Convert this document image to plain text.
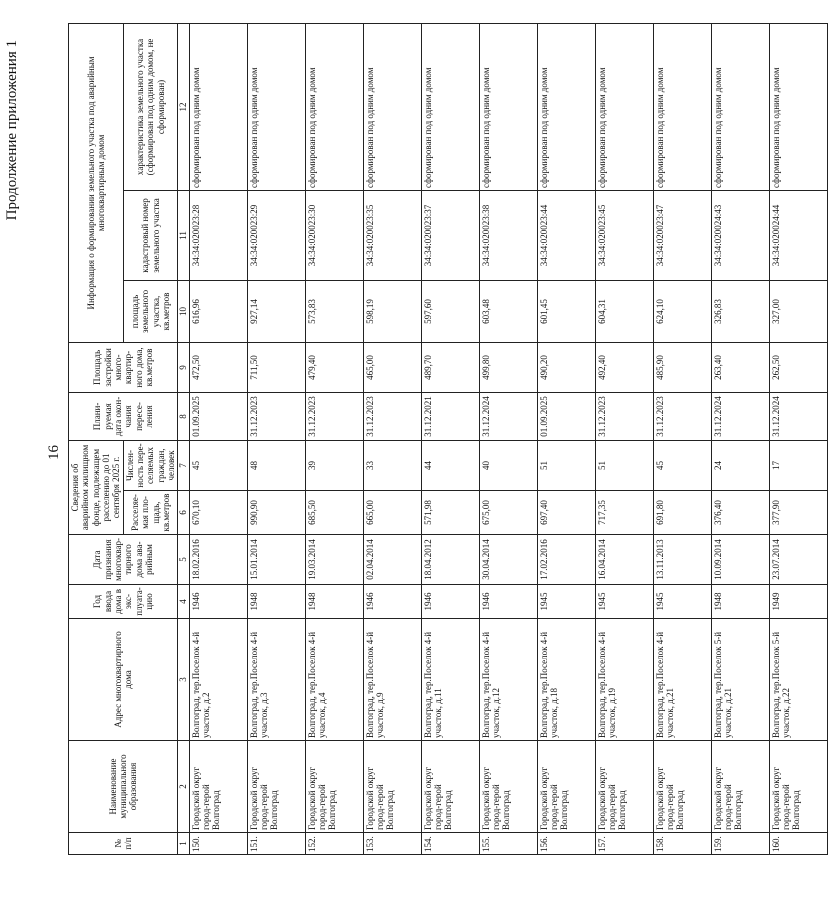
16
Продолжение приложения 1
№ п/п	Наименование муниципального образования	Адрес многоквартирного дома	Год ввода дома в экс-плуата-цию	Дата признания многоквар-тирного дома ава-рийным	Сведения об аварийном жилищном фонде, подлежащем расселению до 01 сентября 2025 г.		Плани-руемая дата окон-чания пересе-ления	Площадь застройки много-квартир-ного дома, кв.метров	Информация о формировании земельного участка под аварийным многоквартирным домом		
					Расселяе-мая пло-щадь, кв.метров	Числен-ность пере-селяемых граждан, человек			площадь земельного участка, кв.метров	кадастровый номер земельного участка	характеристика земельного участка (сформирован под одним домом, не сформирован)
1	2	3	4	5	6	7	8	9	10	11	12
150.	Городской округ город-герой Волгоград	Волгоград, тер.Поселок 4-й участок, д.2	1946	18.02.2016	670,10	45	01.09.2025	472,50	616,96	34:34:020023:28	сформирован под одним домом
151.	Городской округ город-герой Волгоград	Волгоград, тер.Поселок 4-й участок, д.3	1948	15.01.2014	990,90	48	31.12.2023	711,50	927,14	34:34:020023:29	сформирован под одним домом
152.	Городской округ город-герой Волгоград	Волгоград, тер.Поселок 4-й участок, д.4	1948	19.03.2014	685,50	39	31.12.2023	479,40	573,83	34:34:020023:30	сформирован под одним домом
153.	Городской округ город-герой Волгоград	Волгоград, тер.Поселок 4-й участок, д.9	1946	02.04.2014	665,00	33	31.12.2023	465,00	598,19	34:34:020023:35	сформирован под одним домом
154.	Городской округ город-герой Волгоград	Волгоград, тер.Поселок 4-й участок, д.11	1946	18.04.2012	571,98	44	31.12.2021	489,70	597,60	34:34:020023:37	сформирован под одним домом
155.	Городской округ город-герой Волгоград	Волгоград, тер.Поселок 4-й участок, д.12	1946	30.04.2014	675,00	40	31.12.2024	499,80	603,48	34:34:020023:38	сформирован под одним домом
156.	Городской округ город-герой Волгоград	Волгоград, тер.Поселок 4-й участок, д.18	1945	17.02.2016	697,40	51	01.09.2025	490,20	601,45	34:34:020023:44	сформирован под одним домом
157.	Городской округ город-герой Волгоград	Волгоград, тер.Поселок 4-й участок, д.19	1945	16.04.2014	717,35	51	31.12.2023	492,40	604,31	34:34:020023:45	сформирован под одним домом
158.	Городской округ город-герой Волгоград	Волгоград, тер.Поселок 4-й участок, д.21	1945	13.11.2013	691,80	45	31.12.2023	485,90	624,10	34:34:020023:47	сформирован под одним домом
159.	Городской округ город-герой Волгоград	Волгоград, тер.Поселок 5-й участок, д.21	1948	10.09.2014	376,40	24	31.12.2024	263,40	326,83	34:34:020024:43	сформирован под одним домом
160.	Городской округ город-герой Волгоград	Волгоград, тер.Поселок 5-й участок, д.22	1949	23.07.2014	377,90	17	31.12.2024	262,50	327,00	34:34:020024:44	сформирован под одним домом
